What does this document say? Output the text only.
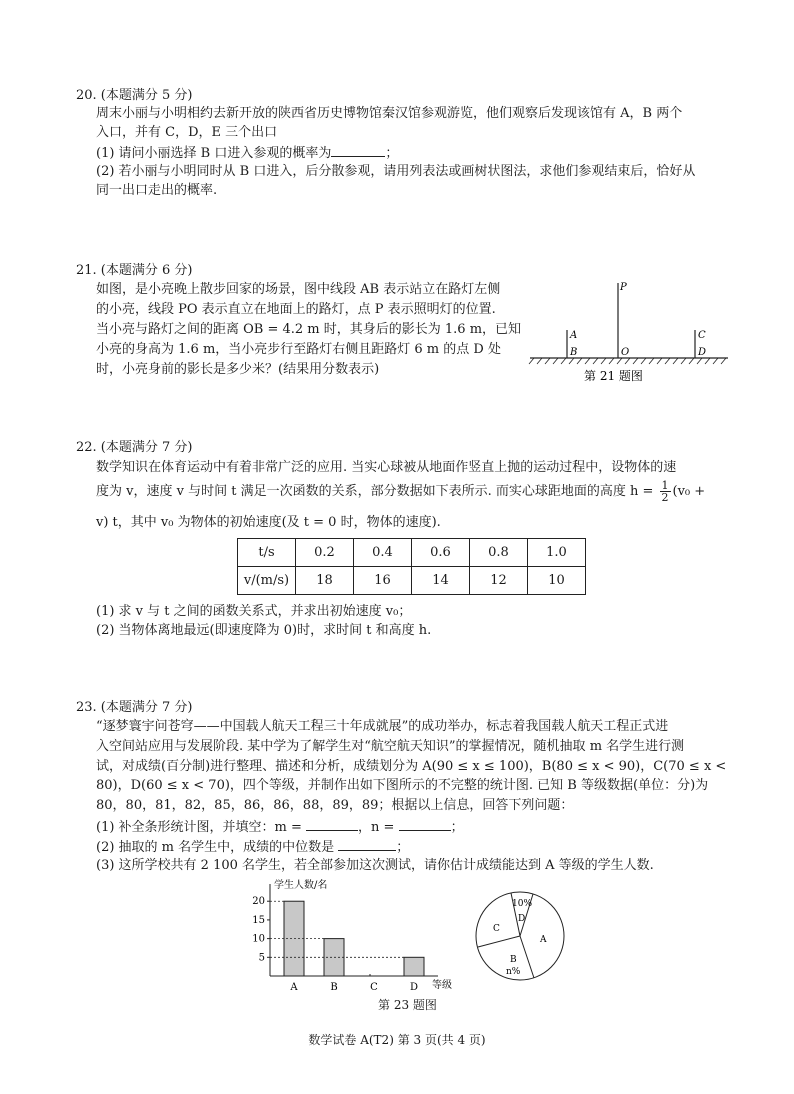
20. (本题满分 5 分)
周末小丽与小明相约去新开放的陕西省历史博物馆秦汉馆参观游览，他们观察后发现该馆有 A，B 两个
入口，并有 C，D，E 三个出口
(1) 请问小丽选择 B 口进入参观的概率为	；
(2) 若小丽与小明同时从 B 口进入，后分散参观，请用列表法或画树状图法，求他们参观结束后，恰好从
同一出口走出的概率.
21. (本题满分 6 分)
如图，是小亮晚上散步回家的场景，图中线段 AB 表示站立在路灯左侧
的小亮，线段 PO 表示直立在地面上的路灯，点 P 表示照明灯的位置.
当小亮与路灯之间的距离 OB = 4.2 m 时，其身后的影长为 1.6 m，已知
小亮的身高为 1.6 m，当小亮步行至路灯右侧且距路灯 6 m 的点 D 处
时，小亮身前的影长是多少米？(结果用分数表示)
P
A
B	O
C
D
第 21 题图
22. (本题满分 7 分)
数学知识在体育运动中有着非常广泛的应用. 当实心球被从地面作竖直上抛的运动过程中，设物体的速
度为 v，速度 v 与时间 t 满足一次函数的关系，部分数据如下表所示. 而实心球距地面的高度 $h = \frac{1}{2} (v_0$ +
v) t，其中 v₀ 为物体的初始速度(及 t = 0 时，物体的速度).
t/s	0.2	0.4	0.6	0.8	1.0
v/(m/s)	18	16	14	12	10
(1) 求 v 与 t 之间的函数关系式，并求出初始速度 v₀；
(2) 当物体离地最远(即速度降为 0)时，求时间 t 和高度 h.
23. (本题满分 7 分)
“逐梦寰宇问苍穹——中国载人航天工程三十年成就展”的成功举办，标志着我国载人航天工程正式进
入空间站应用与发展阶段. 某中学为了解学生对“航空航天知识”的掌握情况，随机抽取 m 名学生进行测
试，对成绩(百分制)进行整理、描述和分析，成绩划分为 A(90 ≤ x ≤ 100)，B(80 ≤ x < 90)，C(70 ≤ x <
80)，D(60 ≤ x < 70)，四个等级，并制作出如下图所示的不完整的统计图. 已知 B 等级数据(单位：分)为
80，80，81，82，85，86，86，88，89，89；根据以上信息，回答下列问题：
(1) 补全条形统计图，并填空：m =	，n =	；
(2) 抽取的 m 名学生中，成绩的中位数是	；
(3) 这所学校共有 2 100 名学生，若全部参加这次测试，请你估计成绩能达到 A 等级的学生人数.
学生人数/名
等级
5
10
15
20
A	B	C	D
10%
D
C
A
B
n%
第 23 题图
数学试卷 A(T2) 第 3 页(共 4 页)
